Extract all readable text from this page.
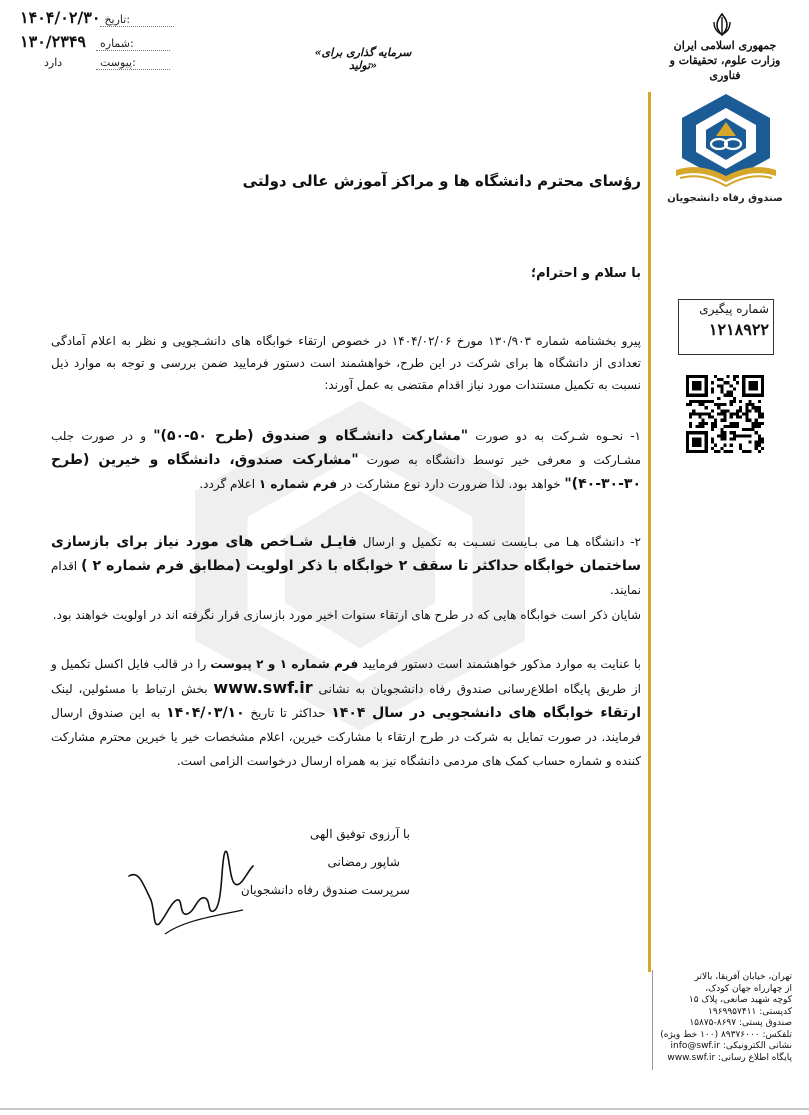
۱۴۰۴/۰۲/۳۰ تاریخ:
۱۳۰/۲۳۴۹	شماره:
دارد	پیوست:
«سرمایه گذاری برای تولید»
جمهوری اسلامی ایران
وزارت علوم، تحقیقات و فناوری
صندوق رفاه دانشجویان
شماره پیگیری
۱۲۱۸۹۲۲
رؤسای محترم دانشگاه ها و مراکز آموزش عالی دولتی
با سلام و احترام؛
پیرو بخشنامه شماره ۱۳۰/۹۰۳ مورخ ۱۴۰۴/۰۲/۰۶ در خصوص ارتقاء خوابگاه های دانشـجویی و نظر به اعلام آمادگی تعدادی از دانشگاه ها برای شرکت در این طرح، خواهشمند است دستور فرمایید ضمن بررسی و توجه به موارد ذیل نسبت به تکمیل مستندات مورد نیاز اقدام مقتضی به عمل آورند:
۱- نحـوه شـرکت به دو صورت "مشارکت دانشـگاه و صندوق (طرح ۵۰-۵۰)" و در صورت جلب مشـارکت و معرفی خیر توسط دانشگاه به صورت "مشارکت صندوق، دانشگاه و خیرین (طرح ۳۰-۳۰-۴۰)" خواهد بود. لذا ضرورت دارد نوع مشارکت در فرم شماره ۱ اعلام گردد.
۲- دانشگاه هـا می بـایست نسـبت به تکمیل و ارسال فایـل شـاخص های مورد نیاز برای بازسازی ساختمان خوابگاه حداکثر تا سقف ۲ خوابگاه با ذکر اولویت (مطابق فرم شماره ۲ ) اقدام نمایند.
شایان ذکر است خوابگاه هایی که در طرح های ارتقاء سنوات اخیر مورد بازسازی قرار نگرفته اند در اولویت خواهند بود.
با عنایت به موارد مذکور خواهشمند است دستور فرمایید فرم شماره ۱ و ۲ پیوست را در قالب فایل اکسل تکمیل و از طریق پایگاه اطلاع‌رسانی صندوق رفاه دانشجویان به نشانی www.swf.ir بخش ارتباط با مسئولین، لینک ارتقاء خوابگاه های دانشجویی در سال ۱۴۰۴ حداکثر تا تاریخ ۱۴۰۴/۰۳/۱۰ به این صندوق ارسال فرمایند. در صورت تمایل به شرکت در طرح ارتقاء با مشارکت خیرین، اعلام مشخصات خیر یا خیرین محترم مشارکت کننده و شماره حساب کمک های مردمی دانشگاه نیز به همراه ارسال درخواست الزامی است.
با آرزوی توفیق الهی
شاپور رمضانی
سرپرست صندوق رفاه دانشجویان
تهران، خیابان آفریقا، بالاتر
از چهارراه جهان کودک،
کوچه شهید صانعی، پلاک ۱۵
کدپستی: ۱۹۶۹۹۵۷۴۱۱
صندوق پستی: ۸۶۹۷-۱۵۸۷۵
تلفکس: ۸۹۳۷۶۰۰۰ (۱۰۰ خط ویژه)
نشانی الکترونیکی: info@swf.ir
پایگاه اطلاع رسانی: www.swf.ir
